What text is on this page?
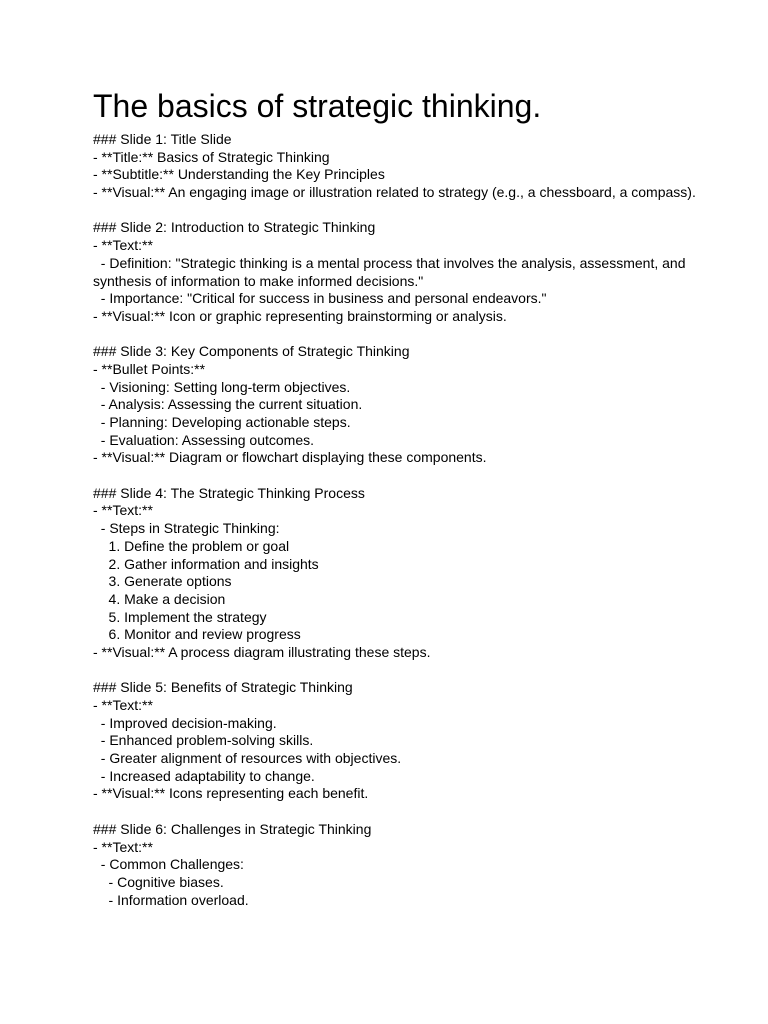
The basics of strategic thinking.
### Slide 1: Title Slide
- **Title:** Basics of Strategic Thinking
- **Subtitle:** Understanding the Key Principles
- **Visual:** An engaging image or illustration related to strategy (e.g., a chessboard, a compass).
### Slide 2: Introduction to Strategic Thinking
- **Text:**
- Definition: "Strategic thinking is a mental process that involves the analysis, assessment, and synthesis of information to make informed decisions."
- Importance: "Critical for success in business and personal endeavors."
- **Visual:** Icon or graphic representing brainstorming or analysis.
### Slide 3: Key Components of Strategic Thinking
- **Bullet Points:**
- Visioning: Setting long-term objectives.
- Analysis: Assessing the current situation.
- Planning: Developing actionable steps.
- Evaluation: Assessing outcomes.
- **Visual:** Diagram or flowchart displaying these components.
### Slide 4: The Strategic Thinking Process
- **Text:**
- Steps in Strategic Thinking:
1. Define the problem or goal
2. Gather information and insights
3. Generate options
4. Make a decision
5. Implement the strategy
6. Monitor and review progress
- **Visual:** A process diagram illustrating these steps.
### Slide 5: Benefits of Strategic Thinking
- **Text:**
- Improved decision-making.
- Enhanced problem-solving skills.
- Greater alignment of resources with objectives.
- Increased adaptability to change.
- **Visual:** Icons representing each benefit.
### Slide 6: Challenges in Strategic Thinking
- **Text:**
- Common Challenges:
- Cognitive biases.
- Information overload.
